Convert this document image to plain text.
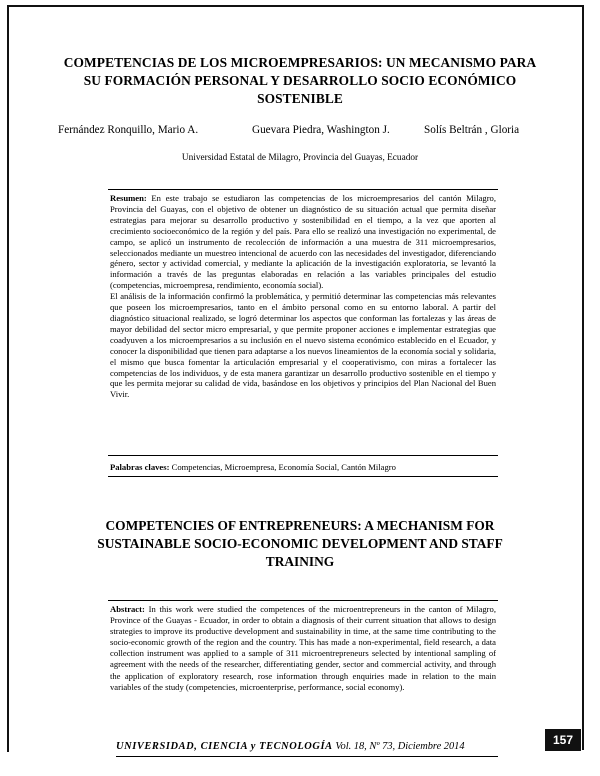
COMPETENCIAS DE LOS MICROEMPRESARIOS: UN MECANISMO PARA SU FORMACIÓN PERSONAL Y DESARROLLO SOCIO ECONÓMICO SOSTENIBLE
Fernández Ronquillo, Mario A.	Guevara Piedra, Washington J.	Solís Beltrán , Gloria
Universidad Estatal de Milagro, Provincia del Guayas, Ecuador

Resumen: En este trabajo se estudiaron las competencias de los microempresarios del cantón Milagro, Provincia del Guayas, con el objetivo de obtener un diagnóstico de su situación actual que permita diseñar estrategias para mejorar su desarrollo productivo y sostenibilidad en el tiempo, a la vez que aporten al crecimiento socioeconómico de la región y del país. Para ello se realizó una investigación no experimental, de campo, se aplicó un instrumento de recolección de información a una muestra de 311 microempresarios, seleccionados mediante un muestreo intencional de acuerdo con las necesidades del investigador, diferenciando género, sector y actividad comercial, y mediante la aplicación de la investigación exploratoria, se levantó la información a través de las preguntas elaboradas en relación a las variables principales del estudio (competencias, microempresa, rendimiento, economía social).

El análisis de la información confirmó la problemática, y permitió determinar las competencias más relevantes que poseen los microempresarios, tanto en el ámbito personal como en su entorno laboral. A partir del diagnóstico situacional realizado, se logró determinar los aspectos que conforman las fortalezas y las áreas de mayor debilidad del sector micro empresarial, y que permite proponer acciones e implementar estrategias que coadyuven a los microempresarios a su inclusión en el nuevo sistema económico establecido en el Ecuador, y conocer la disponibilidad que tienen para adaptarse a los nuevos lineamientos de la economía social y solidaria, el mismo que busca fomentar la articulación empresarial y el cooperativismo, con miras a fortalecer las competencias de los individuos, y de esta manera garantizar un desarrollo productivo sostenible en el tiempo y que les permita mejorar su calidad de vida, basándose en los objetivos y principios del Plan Nacional del Buen Vivir.

Palabras claves: Competencias, Microempresa, Economía Social, Cantón Milagro
COMPETENCIES OF ENTREPRENEURS: A MECHANISM FOR SUSTAINABLE SOCIO-ECONOMIC DEVELOPMENT AND STAFF TRAINING
Abstract: In this work were studied the competences of the microentrepreneurs in the canton of Milagro, Province of the Guayas - Ecuador, in order to obtain a diagnosis of their current situation that allows to design strategies to improve its productive development and sustainability in time, at the same time contributing to the socio-economic growth of the region and the country. This has made a non-experimental, field research, a data collection instrument was applied to a sample of 311 microentrepreneurs selected by intentional sampling of agreement with the needs of the researcher, differentiating gender, sector and commercial activity, and through the application of exploratory research, rose information through enquiries made in relation to the main variables of the study (competencies, microenterprise, performance, social economy).
UNIVERSIDAD, CIENCIA y TECNOLOGÍA Vol. 18, Nº 73, Diciembre 2014	157
